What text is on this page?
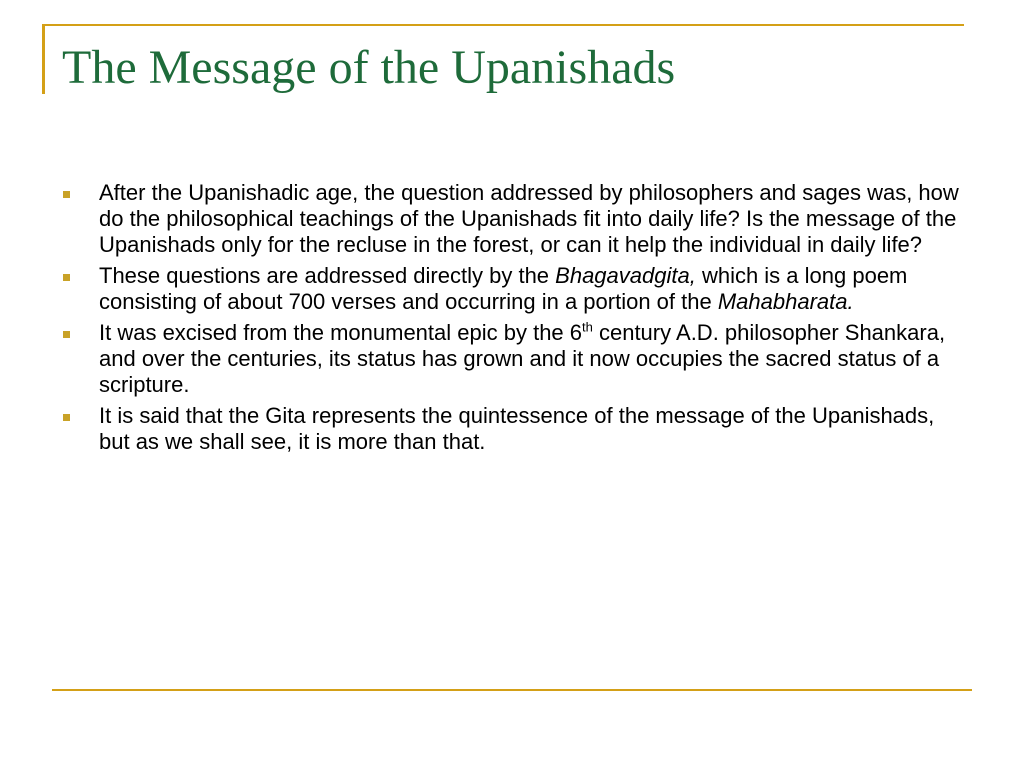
The Message of the Upanishads
After the Upanishadic age, the question addressed by philosophers and sages was, how do the philosophical teachings of the Upanishads fit into daily life? Is the message of the Upanishads only for the recluse in the forest, or can it help the individual in daily life?
These questions are addressed directly by the Bhagavadgita, which is a long poem consisting of about 700 verses and occurring in a portion of the Mahabharata.
It was excised from the monumental epic by the 6th century A.D. philosopher Shankara, and over the centuries, its status has grown and it now occupies the sacred status of a scripture.
It is said that the Gita represents the quintessence of the message of the Upanishads, but as we shall see, it is more than that.
